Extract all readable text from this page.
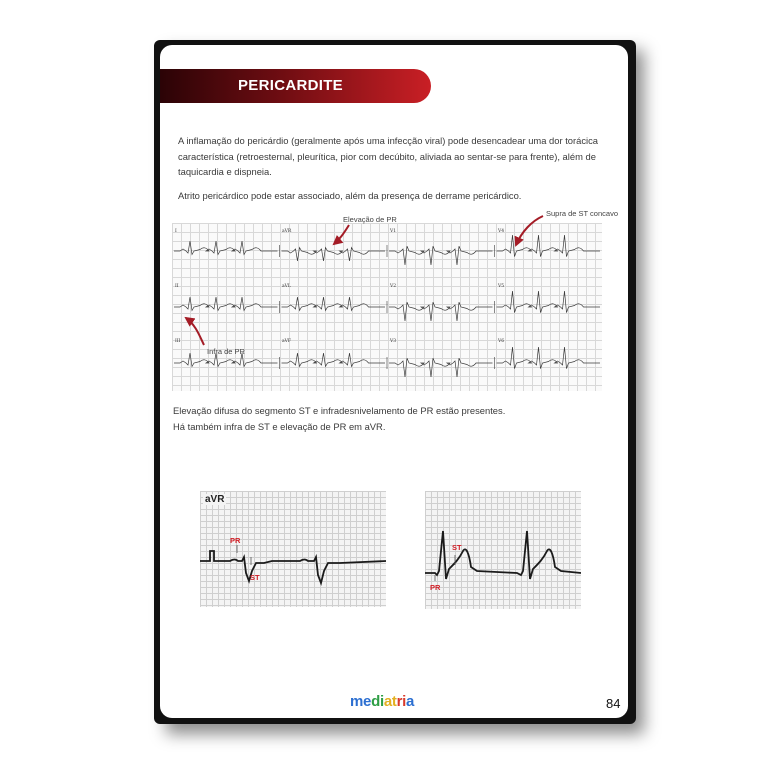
PERICARDITE

A inflamação do pericárdio (geralmente após uma infecção viral) pode desencadear uma dor torácica característica (retroesternal, pleurítica, pior com decúbito, aliviada ao sentar-se para frente), além de taquicardia e dispneia.

Atrito pericárdico pode estar associado, além da presença de derrame pericárdico.

I	aVR	V1	V4
II	aVL	V2	V5
III	aVF	V3	V6
Elevação de PR
Supra de ST concavo
Infra de PR

Elevação difusa do segmento ST e infradesnivelamento de PR estão presentes.
Há também infra de ST e elevação de PR em aVR.

aVR
PR
ST
ST
PR
mediatria	84
